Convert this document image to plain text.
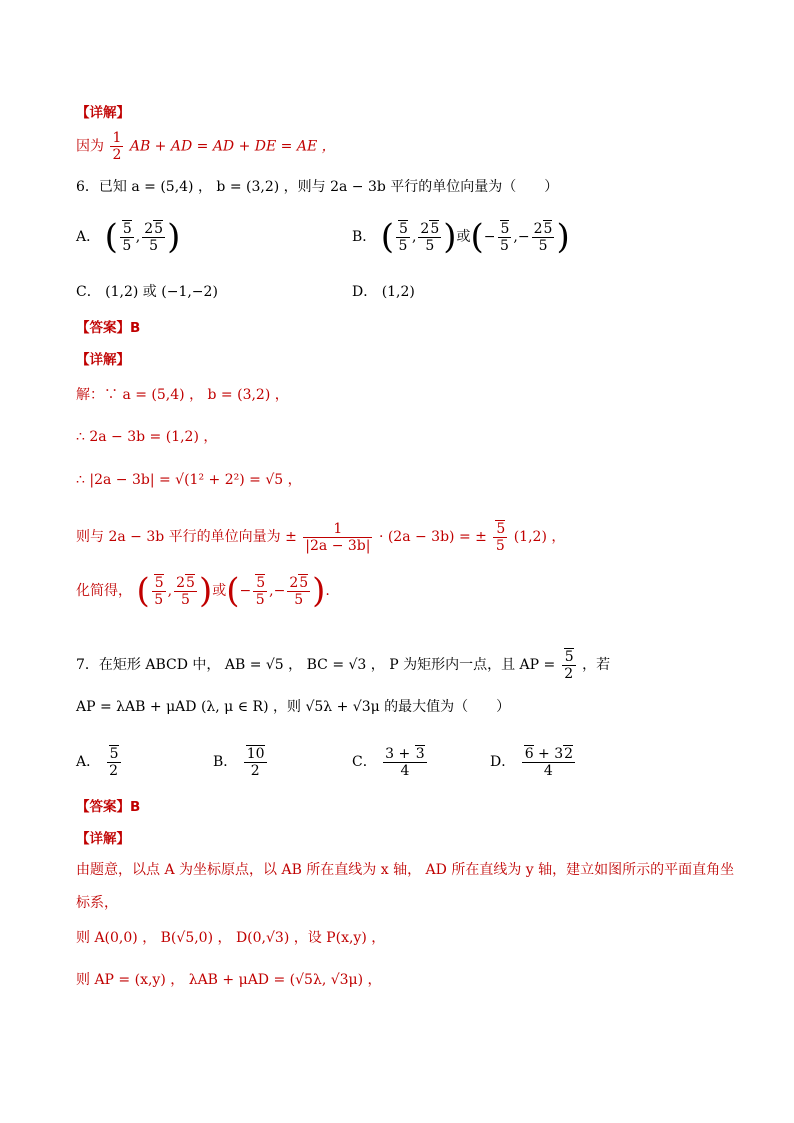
【详解】
因为 $\frac{1}{2}$ AB + AD = AD + DE = AE ，
6．已知 a = (5,4) ， b = (3,2) ，则与 2a − 3b 平行的单位向量为（　　）
A． ( $\frac{5}{5}$ , $\frac{25}{5}$ )	B． ( $\frac{5}{5}$ , $\frac{25}{5}$ )或(− $\frac{5}{5}$ ,− $\frac{25}{5}$ )
C． (1,2) 或 (−1,−2)	D． (1,2)
【答案】B
【详解】
解：∵ a = (5,4) ， b = (3,2) ，
∴ 2a − 3b = (1,2) ，
∴ |2a − 3b| = √(1² + 2²) = √5 ，
则与 2a − 3b 平行的单位向量为 ± $\frac{1}{|2a - 3b|} \cdot (2a - 3b)$ = ± $\frac{5}{5} (1,2)$ ，
化简得， ( $\frac{5}{5}$ , $\frac{25}{5}$ )或(− $\frac{5}{5}$ ,− $\frac{25}{5}$ ).
7．在矩形 ABCD 中， AB = √5 ， BC = √3 ， P 为矩形内一点，且 AP = $\frac{5}{2}$ ，若
AP = λAB + μAD (λ, μ ∈ R) ，则 √5λ + √3μ 的最大值为（　　）
A． $\frac{5}{2}$	B． $\frac{10}{2}$	C． $\frac{3 + 3}{4}$	D． $\frac{6 + 32}{4}$
【答案】B
【详解】
由题意，以点 A 为坐标原点，以 AB 所在直线为 x 轴， AD 所在直线为 y 轴，建立如图所示的平面直角坐
标系，
则 A(0,0) ， B(√5,0) ， D(0,√3) ，设 P(x,y) ，
则 AP = (x,y) ， λAB + μAD = (√5λ, √3μ) ，
